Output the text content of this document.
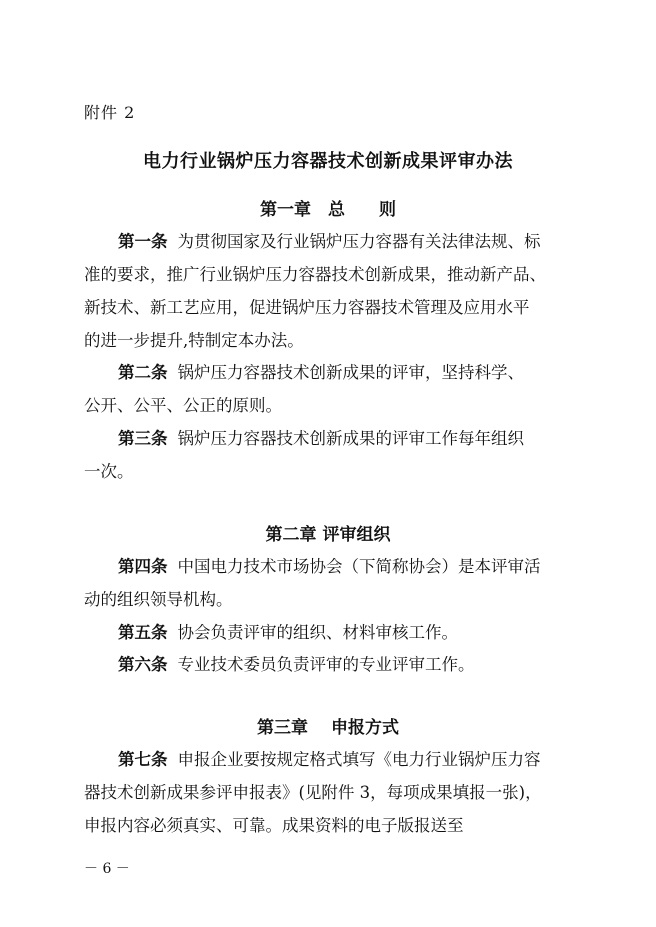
附件 2
电力行业锅炉压力容器技术创新成果评审办法
第一章　总　　则
第一条 为贯彻国家及行业锅炉压力容器有关法律法规、标
准的要求，推广行业锅炉压力容器技术创新成果，推动新产品、
新技术、新工艺应用，促进锅炉压力容器技术管理及应用水平
的进一步提升,特制定本办法。
第二条 锅炉压力容器技术创新成果的评审，坚持科学、
公开、公平、公正的原则。
第三条 锅炉压力容器技术创新成果的评审工作每年组织
一次。
第二章 评审组织
第四条 中国电力技术市场协会（下简称协会）是本评审活
动的组织领导机构。
第五条 协会负责评审的组织、材料审核工作。
第六条 专业技术委员负责评审的专业评审工作。
第三章　 申报方式
第七条 申报企业要按规定格式填写《电力行业锅炉压力容
器技术创新成果参评申报表》(见附件 3，每项成果填报一张)，
申报内容必须真实、可靠。成果资料的电子版报送至
－ 6 －
